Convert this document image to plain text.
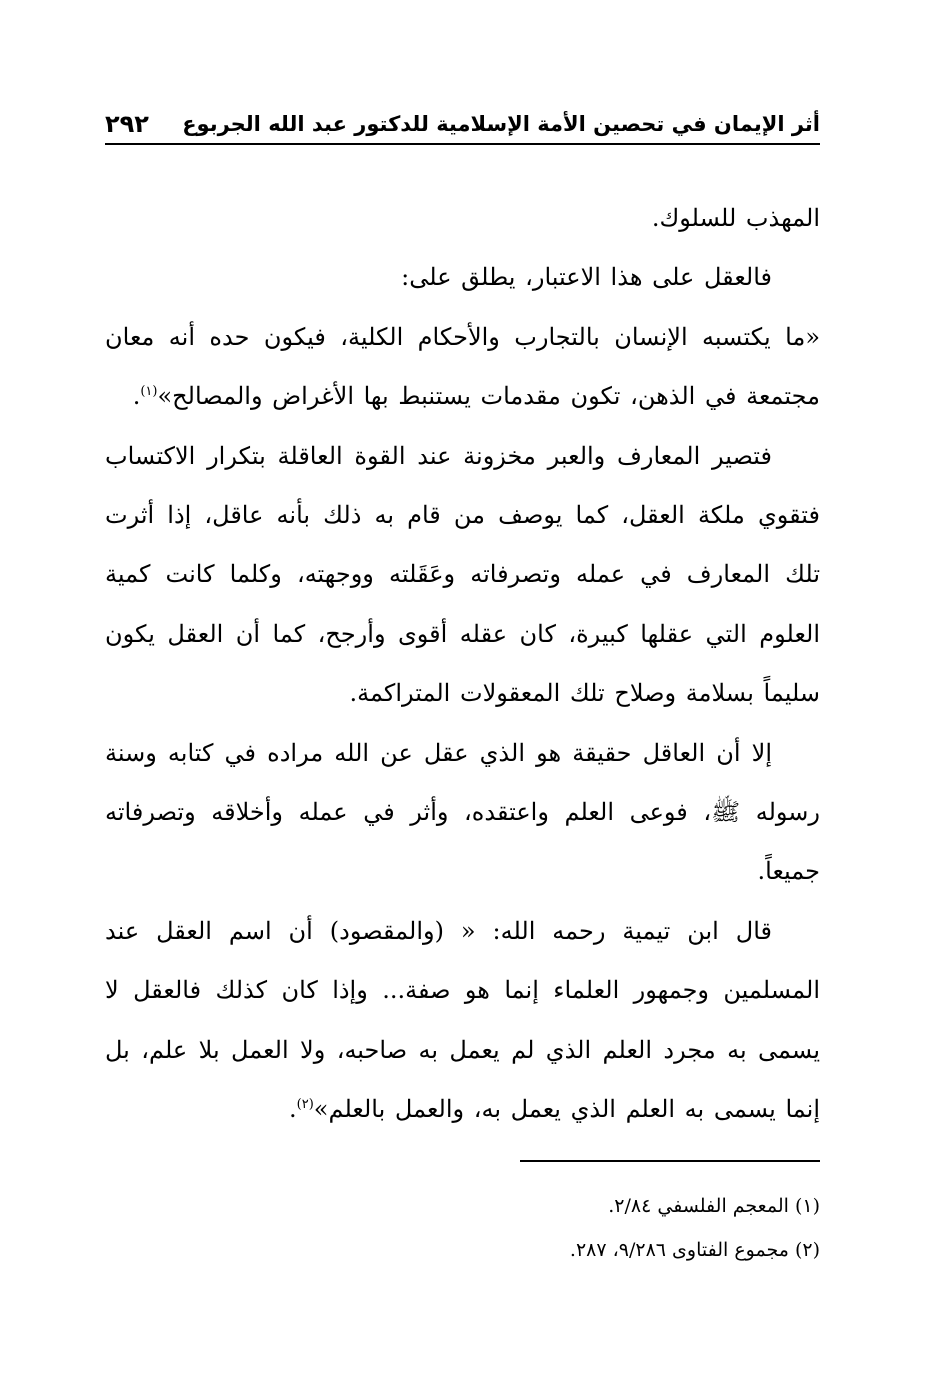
أثر الإيمان في تحصين الأمة الإسلامية للدكتور عبد الله الجربوع
٢٩٢

المهذب للسلوك.

فالعقل على هذا الاعتبار، يطلق على:

«ما يكتسبه الإنسان بالتجارب والأحكام الكلية، فيكون حده أنه معان مجتمعة في الذهن، تكون مقدمات يستنبط بها الأغراض والمصالح»$^{(١)}$.

فتصير المعارف والعبر مخزونة عند القوة العاقلة بتكرار الاكتساب فتقوي ملكة العقل، كما يوصف من قام به ذلك بأنه عاقل، إذا أثرت تلك المعارف في عمله وتصرفاته وعَقَلته ووجهته، وكلما كانت كمية العلوم التي عقلها كبيرة، كان عقله أقوى وأرجح، كما أن العقل يكون سليماً بسلامة وصلاح تلك المعقولات المتراكمة.

إلا أن العاقل حقيقة هو الذي عقل عن الله مراده في كتابه وسنة رسوله ﷺ، فوعى العلم واعتقده، وأثر في عمله وأخلاقه وتصرفاته جميعاً.

قال ابن تيمية رحمه الله: « (والمقصود) أن اسم العقل عند المسلمين وجمهور العلماء إنما هو صفة... وإذا كان كذلك فالعقل لا يسمى به مجرد العلم الذي لم يعمل به صاحبه، ولا العمل بلا علم، بل إنما يسمى به العلم الذي يعمل به، والعمل بالعلم»$^{(٢)}$.

(١) المعجم الفلسفي ٢/٨٤.

(٢) مجموع الفتاوى ٩/٢٨٦، ٢٨٧.
